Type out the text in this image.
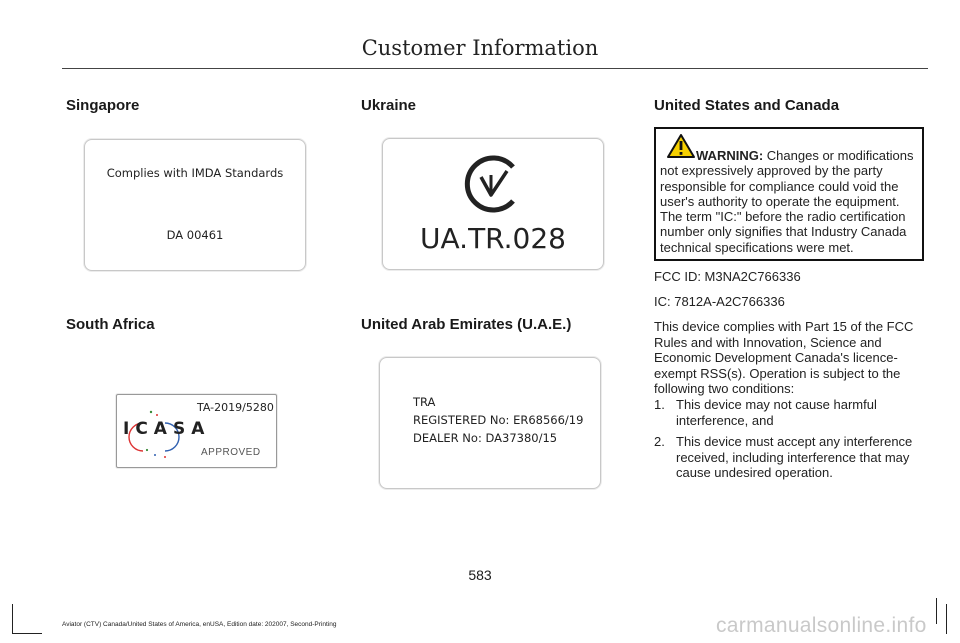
Customer Information
Singapore
Complies with IMDA Standards
DA 00461
South Africa
TA-2019/5280
ICASA
APPROVED
Ukraine
UA.TR.028
United Arab Emirates (U.A.E.)
TRA
REGISTERED No: ER68566/19
DEALER No: DA37380/15
United States and Canada
WARNING: Changes or modifications not expressively approved by the party responsible for compliance could void the user's authority to operate the equipment. The term "IC:" before the radio certification number only signifies that Industry Canada technical specifications were met.
FCC ID: M3NA2C766336
IC: 7812A-A2C766336
This device complies with Part 15 of the FCC Rules and with Innovation, Science and Economic Development Canada's licence-exempt RSS(s). Operation is subject to the following two conditions:
1. This device may not cause harmful interference, and
2. This device must accept any interference received, including interference that may cause undesired operation.
583
Aviator (CTV) Canada/United States of America, enUSA, Edition date: 202007, Second-Printing	carmanualsonline.info
